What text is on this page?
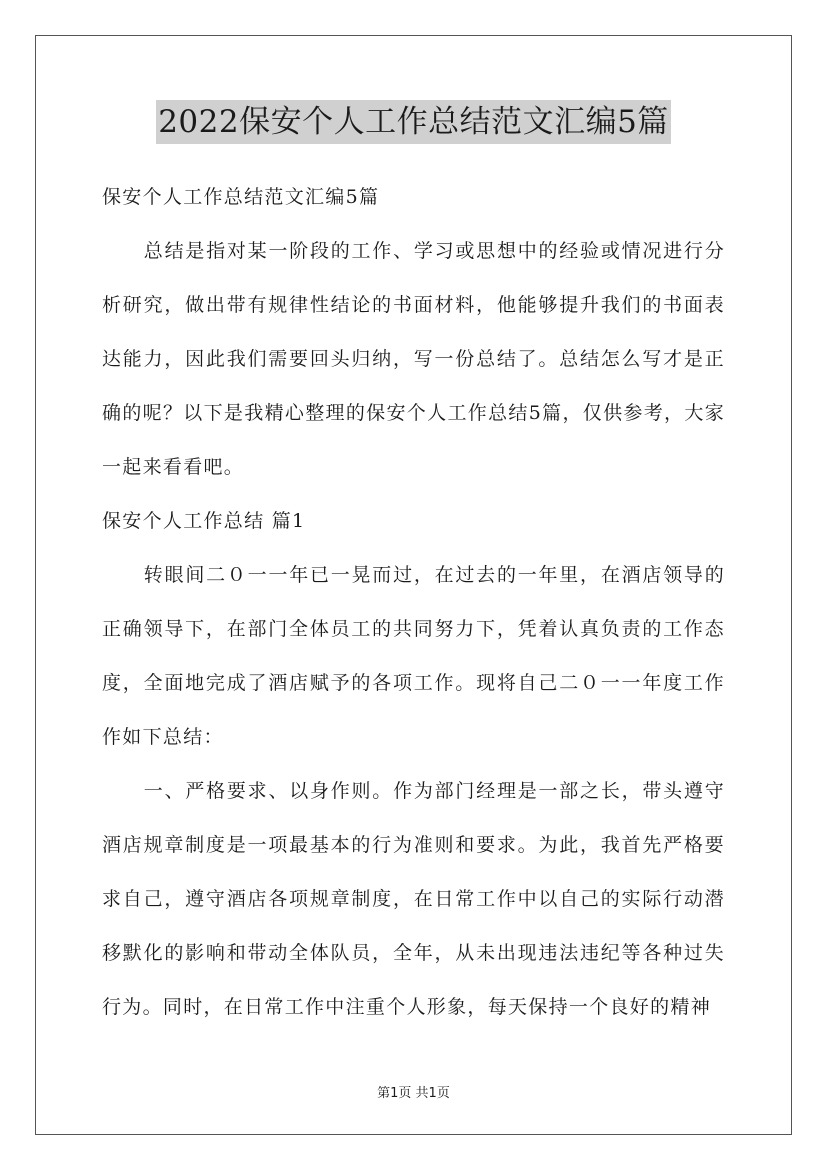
2022保安个人工作总结范文汇编5篇

保安个人工作总结范文汇编5篇

总结是指对某一阶段的工作、学习或思想中的经验或情况进行分析研究，做出带有规律性结论的书面材料，他能够提升我们的书面表达能力，因此我们需要回头归纳，写一份总结了。总结怎么写才是正确的呢？以下是我精心整理的保安个人工作总结5篇，仅供参考，大家一起来看看吧。

保安个人工作总结 篇1

转眼间二０一一年已一晃而过，在过去的一年里，在酒店领导的正确领导下，在部门全体员工的共同努力下，凭着认真负责的工作态度，全面地完成了酒店赋予的各项工作。现将自己二０一一年度工作作如下总结：

一、严格要求、以身作则。作为部门经理是一部之长，带头遵守酒店规章制度是一项最基本的行为准则和要求。为此，我首先严格要求自己，遵守酒店各项规章制度，在日常工作中以自己的实际行动潜移默化的影响和带动全体队员，全年，从未出现违法违纪等各种过失行为。同时，在日常工作中注重个人形象，每天保持一个良好的精神

第1页 共1页
